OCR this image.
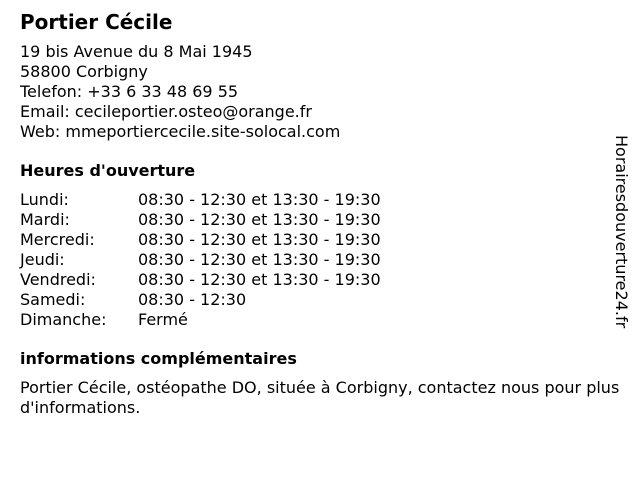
Portier Cécile
19 bis Avenue du 8 Mai 1945
58800 Corbigny
Telefon: +33 6 33 48 69 55
Email: cecileportier.osteo@orange.fr
Web: mmeportiercecile.site-solocal.com
Heures d'ouverture
Lundi:	08:30 - 12:30 et 13:30 - 19:30
Mardi:	08:30 - 12:30 et 13:30 - 19:30
Mercredi:	08:30 - 12:30 et 13:30 - 19:30
Jeudi:	08:30 - 12:30 et 13:30 - 19:30
Vendredi:	08:30 - 12:30 et 13:30 - 19:30
Samedi:	08:30 - 12:30
Dimanche:	Fermé
informations complémentaires
Portier Cécile, ostéopathe DO, située à Corbigny, contactez nous pour plus d'informations.
Horairesdouverture24.fr
